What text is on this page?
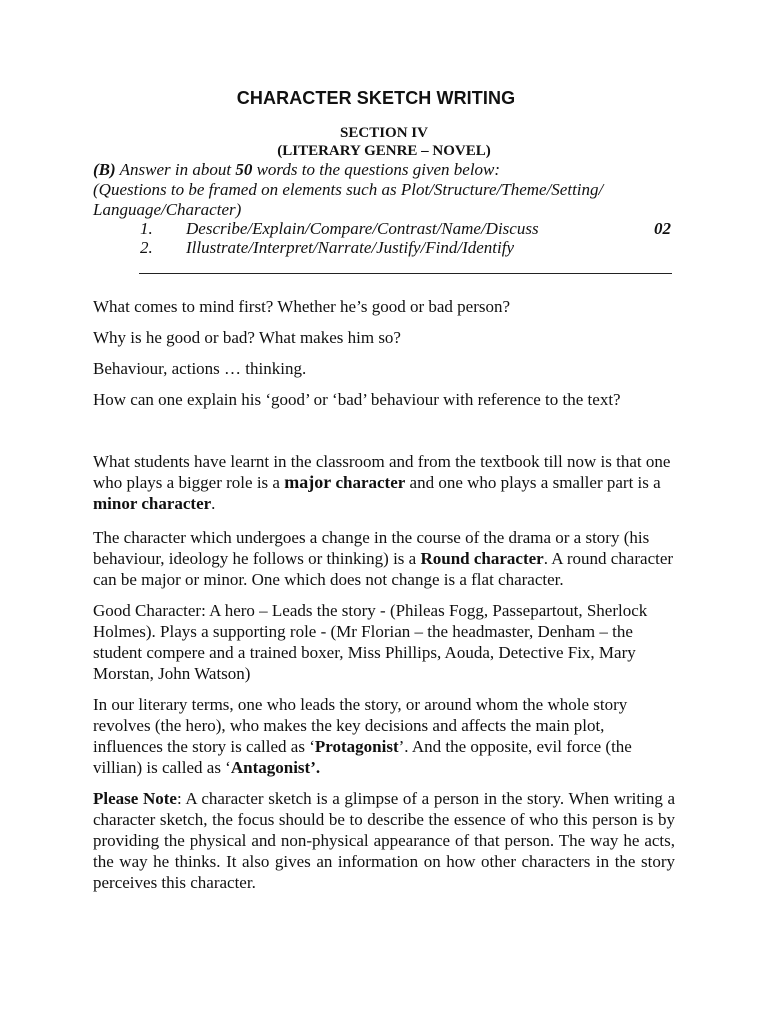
CHARACTER SKETCH WRITING
SECTION IV
(LITERARY GENRE – NOVEL)
(B) Answer in about 50 words to the questions given below:
(Questions to be framed on elements such as Plot/Structure/Theme/Setting/
Language/Character)
1. Describe/Explain/Compare/Contrast/Name/Discuss	02
2. Illustrate/Interpret/Narrate/Justify/Find/Identify

What comes to mind first? Whether he’s good or bad person?

Why is he good or bad? What makes him so?

Behaviour, actions … thinking.

How can one explain his ‘good’ or ‘bad’ behaviour with reference to the text?

What students have learnt in the classroom and from the textbook till now is that one who plays a bigger role is a major character and one who plays a smaller part is a minor character.

The character which undergoes a change in the course of the drama or a story (his behaviour, ideology he follows or thinking) is a Round character. A round character can be major or minor. One which does not change is a flat character.

Good Character: A hero – Leads the story - (Phileas Fogg, Passepartout, Sherlock Holmes). Plays a supporting role - (Mr Florian – the headmaster, Denham – the student compere and a trained boxer, Miss Phillips, Aouda, Detective Fix, Mary Morstan, John Watson)

In our literary terms, one who leads the story, or around whom the whole story revolves (the hero), who makes the key decisions and affects the main plot, influences the story is called as ‘Protagonist’. And the opposite, evil force (the villian) is called as ‘Antagonist’.

Please Note: A character sketch is a glimpse of a person in the story. When writing a character sketch, the focus should be to describe the essence of who this person is by providing the physical and non-physical appearance of that person. The way he acts, the way he thinks. It also gives an information on how other characters in the story perceives this character.
